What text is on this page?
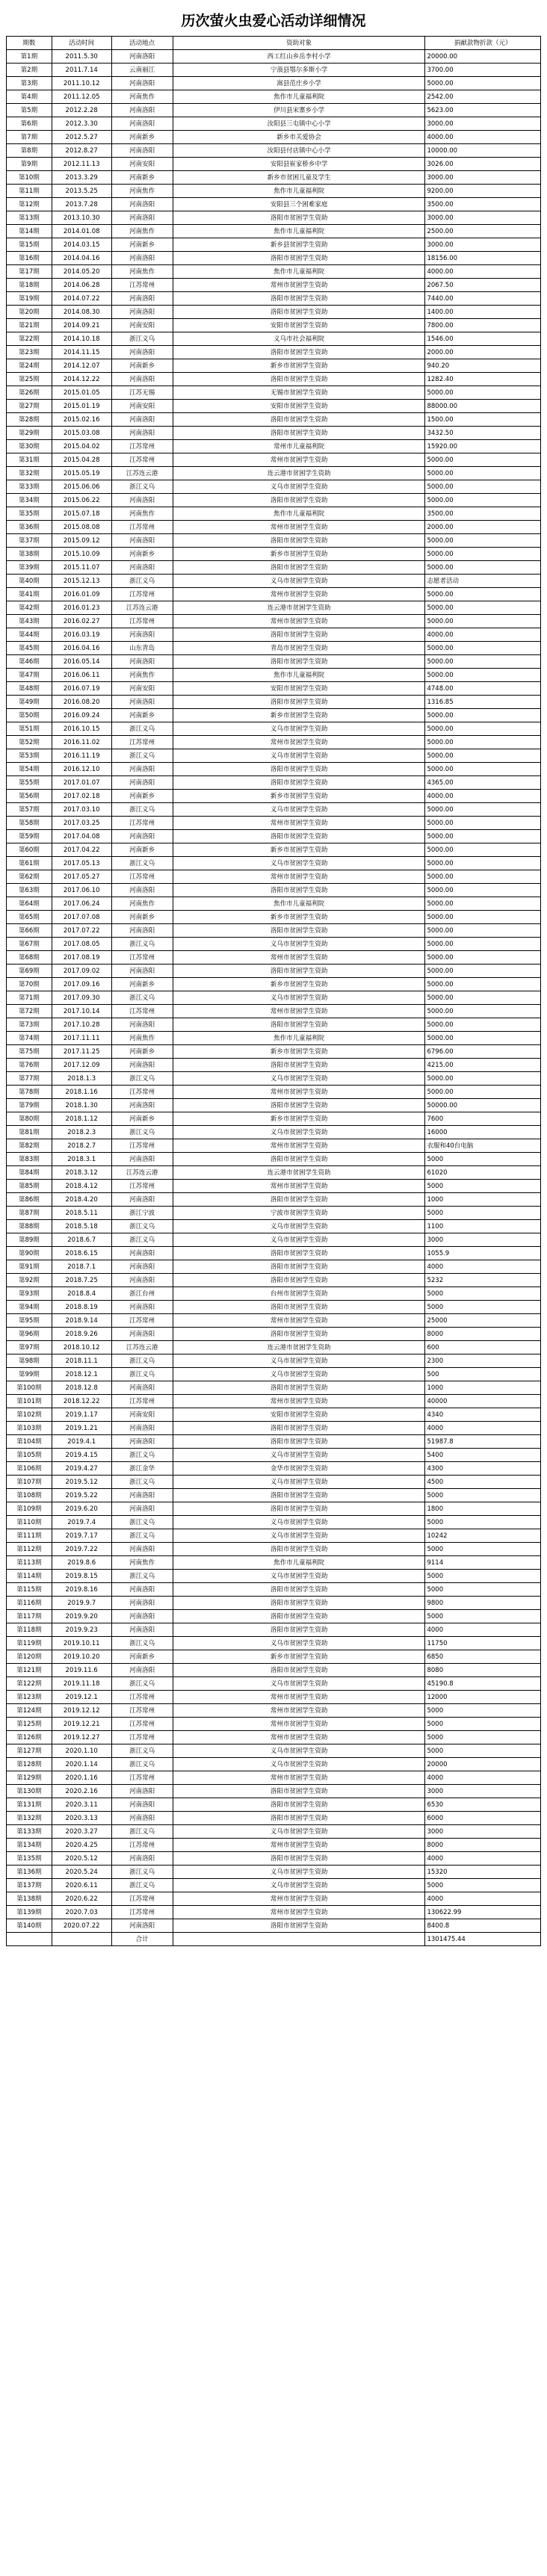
历次萤火虫爱心活动详细情况
期数	活动时间	活动地点	资助对象	捐献款物折款（元）
第1期	2011.5.30	河南洛阳	西工红山乡岳李村小学	20000.00
第2期	2011.7.14	云南丽江	宁蒗县鄂尔多斯小学	3700.00
第3期	2011.10.12	河南洛阳	嵩县范庄乡小学	5000.00
第4期	2011.12.05	河南焦作	焦作市儿童福利院	2542.00
第5期	2012.2.28	河南洛阳	伊川县宋寨乡小学	5623.00
第6期	2012.3.30	河南洛阳	汝阳县三屯镇中心小学	3000.00
第7期	2012.5.27	河南新乡	新乡市关爱协会	4000.00
第8期	2012.8.27	河南洛阳	汝阳县付店镇中心小学	10000.00
第9期	2012.11.13	河南安阳	安阳县崔家桥乡中学	3026.00
第10期	2013.3.29	河南新乡	新乡市贫困儿童及学生	3000.00
第11期	2013.5.25	河南焦作	焦作市儿童福利院	9200.00
第12期	2013.7.28	河南洛阳	安阳县三个困难家庭	3500.00
第13期	2013.10.30	河南洛阳	洛阳市贫困学生资助	3000.00
第14期	2014.01.08	河南焦作	焦作市儿童福利院	2500.00
第15期	2014.03.15	河南新乡	新乡县贫困学生资助	3000.00
第16期	2014.04.16	河南洛阳	洛阳市贫困学生资助	18156.00
第17期	2014.05.20	河南焦作	焦作市儿童福利院	4000.00
第18期	2014.06.28	江苏常州	常州市贫困学生资助	2067.50
第19期	2014.07.22	河南洛阳	洛阳市贫困学生资助	7440.00
第20期	2014.08.30	河南洛阳	洛阳市贫困学生资助	1400.00
第21期	2014.09.21	河南安阳	安阳市贫困学生资助	7800.00
第22期	2014.10.18	浙江义乌	义乌市社会福利院	1546.00
第23期	2014.11.15	河南洛阳	洛阳市贫困学生资助	2000.00
第24期	2014.12.07	河南新乡	新乡市贫困学生资助	940.20
第25期	2014.12.22	河南洛阳	洛阳市贫困学生资助	1282.40
第26期	2015.01.05	江苏无锡	无锡市贫困学生资助	5000.00
第27期	2015.01.19	河南安阳	安阳市贫困学生资助	88000.00
第28期	2015.02.16	河南洛阳	洛阳市贫困学生资助	1500.00
第29期	2015.03.08	河南洛阳	洛阳市贫困学生资助	3432.50
第30期	2015.04.02	江苏常州	常州市儿童福利院	15920.00
第31期	2015.04.28	江苏常州	常州市贫困学生资助	5000.00
第32期	2015.05.19	江苏连云港	连云港市贫困学生资助	5000.00
第33期	2015.06.06	浙江义乌	义乌市贫困学生资助	5000.00
第34期	2015.06.22	河南洛阳	洛阳市贫困学生资助	5000.00
第35期	2015.07.18	河南焦作	焦作市儿童福利院	3500.00
第36期	2015.08.08	江苏常州	常州市贫困学生资助	2000.00
第37期	2015.09.12	河南洛阳	洛阳市贫困学生资助	5000.00
第38期	2015.10.09	河南新乡	新乡市贫困学生资助	5000.00
第39期	2015.11.07	河南洛阳	洛阳市贫困学生资助	5000.00
第40期	2015.12.13	浙江义乌	义乌市贫困学生资助	志愿者活动
第41期	2016.01.09	江苏常州	常州市贫困学生资助	5000.00
第42期	2016.01.23	江苏连云港	连云港市贫困学生资助	5000.00
第43期	2016.02.27	江苏常州	常州市贫困学生资助	5000.00
第44期	2016.03.19	河南洛阳	洛阳市贫困学生资助	4000.00
第45期	2016.04.16	山东青岛	青岛市贫困学生资助	5000.00
第46期	2016.05.14	河南洛阳	洛阳市贫困学生资助	5000.00
第47期	2016.06.11	河南焦作	焦作市儿童福利院	5000.00
第48期	2016.07.19	河南安阳	安阳市贫困学生资助	4748.00
第49期	2016.08.20	河南洛阳	洛阳市贫困学生资助	1316.85
第50期	2016.09.24	河南新乡	新乡市贫困学生资助	5000.00
第51期	2016.10.15	浙江义乌	义乌市贫困学生资助	5000.00
第52期	2016.11.02	江苏常州	常州市贫困学生资助	5000.00
第53期	2016.11.19	浙江义乌	义乌市贫困学生资助	5000.00
第54期	2016.12.10	河南洛阳	洛阳市贫困学生资助	5000.00
第55期	2017.01.07	河南洛阳	洛阳市贫困学生资助	4365.00
第56期	2017.02.18	河南新乡	新乡市贫困学生资助	4000.00
第57期	2017.03.10	浙江义乌	义乌市贫困学生资助	5000.00
第58期	2017.03.25	江苏常州	常州市贫困学生资助	5000.00
第59期	2017.04.08	河南洛阳	洛阳市贫困学生资助	5000.00
第60期	2017.04.22	河南新乡	新乡市贫困学生资助	5000.00
第61期	2017.05.13	浙江义乌	义乌市贫困学生资助	5000.00
第62期	2017.05.27	江苏常州	常州市贫困学生资助	5000.00
第63期	2017.06.10	河南洛阳	洛阳市贫困学生资助	5000.00
第64期	2017.06.24	河南焦作	焦作市儿童福利院	5000.00
第65期	2017.07.08	河南新乡	新乡市贫困学生资助	5000.00
第66期	2017.07.22	河南洛阳	洛阳市贫困学生资助	5000.00
第67期	2017.08.05	浙江义乌	义乌市贫困学生资助	5000.00
第68期	2017.08.19	江苏常州	常州市贫困学生资助	5000.00
第69期	2017.09.02	河南洛阳	洛阳市贫困学生资助	5000.00
第70期	2017.09.16	河南新乡	新乡市贫困学生资助	5000.00
第71期	2017.09.30	浙江义乌	义乌市贫困学生资助	5000.00
第72期	2017.10.14	江苏常州	常州市贫困学生资助	5000.00
第73期	2017.10.28	河南洛阳	洛阳市贫困学生资助	5000.00
第74期	2017.11.11	河南焦作	焦作市儿童福利院	5000.00
第75期	2017.11.25	河南新乡	新乡市贫困学生资助	6796.00
第76期	2017.12.09	河南洛阳	洛阳市贫困学生资助	4215.00
第77期	2018.1.3	浙江义乌	义乌市贫困学生资助	5000.00
第78期	2018.1.16	江苏常州	常州市贫困学生资助	5000.00
第79期	2018.1.30	河南洛阳	洛阳市贫困学生资助	50000.00
第80期	2018.1.12	河南新乡	新乡市贫困学生资助	7600
第81期	2018.2.3	浙江义乌	义乌市贫困学生资助	16000
第82期	2018.2.7	江苏常州	常州市贫困学生资助	衣服和40台电脑
第83期	2018.3.1	河南洛阳	洛阳市贫困学生资助	5000
第84期	2018.3.12	江苏连云港	连云港市贫困学生资助	61020
第85期	2018.4.12	江苏常州	常州市贫困学生资助	5000
第86期	2018.4.20	河南洛阳	洛阳市贫困学生资助	1000
第87期	2018.5.11	浙江宁波	宁波市贫困学生资助	5000
第88期	2018.5.18	浙江义乌	义乌市贫困学生资助	1100
第89期	2018.6.7	浙江义乌	义乌市贫困学生资助	3000
第90期	2018.6.15	河南洛阳	洛阳市贫困学生资助	1055.9
第91期	2018.7.1	河南洛阳	洛阳市贫困学生资助	4000
第92期	2018.7.25	河南洛阳	洛阳市贫困学生资助	5232
第93期	2018.8.4	浙江台州	台州市贫困学生资助	5000
第94期	2018.8.19	河南洛阳	洛阳市贫困学生资助	5000
第95期	2018.9.14	江苏常州	常州市贫困学生资助	25000
第96期	2018.9.26	河南洛阳	洛阳市贫困学生资助	8000
第97期	2018.10.12	江苏连云港	连云港市贫困学生资助	600
第98期	2018.11.1	浙江义乌	义乌市贫困学生资助	2300
第99期	2018.12.1	浙江义乌	义乌市贫困学生资助	500
第100期	2018.12.8	河南洛阳	洛阳市贫困学生资助	1000
第101期	2018.12.22	江苏常州	常州市贫困学生资助	40000
第102期	2019.1.17	河南安阳	安阳市贫困学生资助	4340
第103期	2019.1.21	河南洛阳	洛阳市贫困学生资助	4000
第104期	2019.4.1	河南洛阳	洛阳市贫困学生资助	51987.8
第105期	2019.4.15	浙江义乌	义乌市贫困学生资助	5400
第106期	2019.4.27	浙江金华	金华市贫困学生资助	4300
第107期	2019.5.12	浙江义乌	义乌市贫困学生资助	4500
第108期	2019.5.22	河南洛阳	洛阳市贫困学生资助	5000
第109期	2019.6.20	河南洛阳	洛阳市贫困学生资助	1800
第110期	2019.7.4	浙江义乌	义乌市贫困学生资助	5000
第111期	2019.7.17	浙江义乌	义乌市贫困学生资助	10242
第112期	2019.7.22	河南洛阳	洛阳市贫困学生资助	5000
第113期	2019.8.6	河南焦作	焦作市儿童福利院	9114
第114期	2019.8.15	浙江义乌	义乌市贫困学生资助	5000
第115期	2019.8.16	河南洛阳	洛阳市贫困学生资助	5000
第116期	2019.9.7	河南洛阳	洛阳市贫困学生资助	9800
第117期	2019.9.20	河南洛阳	洛阳市贫困学生资助	5000
第118期	2019.9.23	河南洛阳	洛阳市贫困学生资助	4000
第119期	2019.10.11	浙江义乌	义乌市贫困学生资助	11750
第120期	2019.10.20	河南新乡	新乡市贫困学生资助	6850
第121期	2019.11.6	河南洛阳	洛阳市贫困学生资助	8080
第122期	2019.11.18	浙江义乌	义乌市贫困学生资助	45190.8
第123期	2019.12.1	江苏常州	常州市贫困学生资助	12000
第124期	2019.12.12	江苏常州	常州市贫困学生资助	5000
第125期	2019.12.21	江苏常州	常州市贫困学生资助	5000
第126期	2019.12.27	江苏常州	常州市贫困学生资助	5000
第127期	2020.1.10	浙江义乌	义乌市贫困学生资助	5000
第128期	2020.1.14	浙江义乌	义乌市贫困学生资助	20000
第129期	2020.1.16	江苏常州	常州市贫困学生资助	4000
第130期	2020.2.16	河南洛阳	洛阳市贫困学生资助	3000
第131期	2020.3.11	河南洛阳	洛阳市贫困学生资助	6530
第132期	2020.3.13	河南洛阳	洛阳市贫困学生资助	6000
第133期	2020.3.27	浙江义乌	义乌市贫困学生资助	3000
第134期	2020.4.25	江苏常州	常州市贫困学生资助	8000
第135期	2020.5.12	河南洛阳	洛阳市贫困学生资助	4000
第136期	2020.5.24	浙江义乌	义乌市贫困学生资助	15320
第137期	2020.6.11	浙江义乌	义乌市贫困学生资助	5000
第138期	2020.6.22	江苏常州	常州市贫困学生资助	4000
第139期	2020.7.03	江苏常州	常州市贫困学生资助	130622.99
第140期	2020.07.22	河南洛阳	洛阳市贫困学生资助	8400.8
		合计		1301475.44
